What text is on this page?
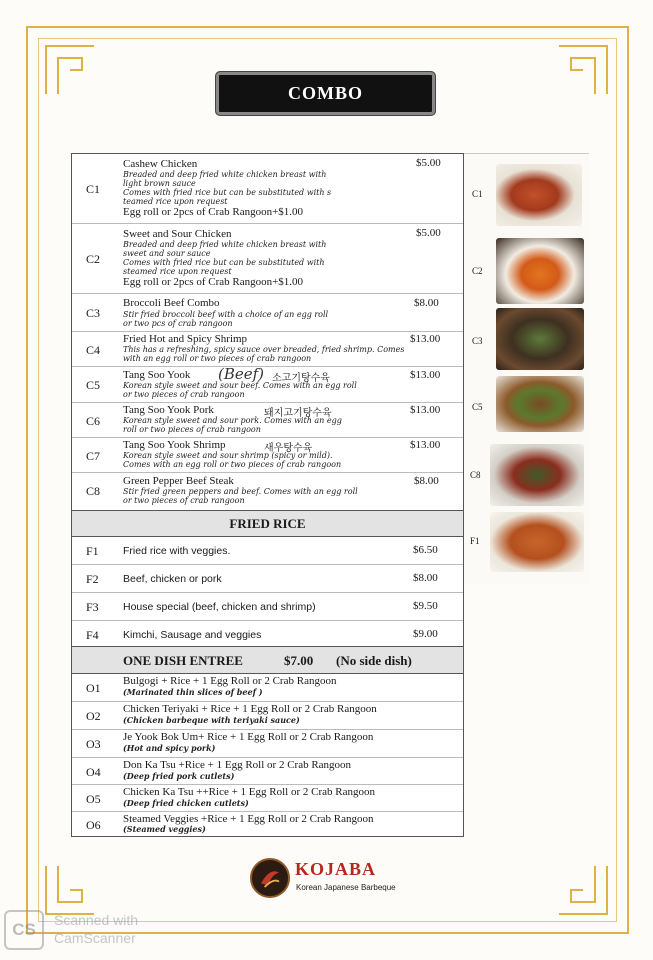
COMBO
C1
Cashew Chicken	$5.00
Breaded and deep fried white chicken breast with
light brown sauce
Comes with fried rice but can be substituted with s
teamed rice upon request
Egg roll or 2pcs of Crab Rangoon+$1.00
C2
Sweet and Sour Chicken	$5.00
Breaded and deep fried white chicken breast with
sweet and sour sauce
Comes with fried rice but can be substituted with
steamed rice upon request
Egg roll or 2pcs of Crab Rangoon+$1.00
C3
Broccoli Beef Combo	$8.00
Stir fried broccoli beef with a choice of an egg roll
or two pcs of crab rangoon
C4
Fried Hot and Spicy Shrimp	$13.00
This has a refreshing, spicy sauce over breaded, fried shrimp. Comes
with an egg roll or two pieces of crab rangoon
C5
Tang Soo Yook (Beef) 소고기탕수육	$13.00
Korean style sweet and sour beef. Comes with an egg roll
or two pieces of crab rangoon
C6
Tang Soo Yook Pork	돼지고기탕수육	$13.00
Korean style sweet and sour pork. Comes with an egg
roll or two pieces of crab rangoon
C7
Tang Soo Yook Shrimp	새우탕수육	$13.00
Korean style sweet and sour shrimp (spicy or mild).
Comes with an egg roll or two pieces of crab rangoon
C8
Green Pepper Beef Steak	$8.00
Stir fried green peppers and beef. Comes with an egg roll
or two pieces of crab rangoon
FRIED RICE
F1 Fried rice with veggies.	$6.50
F2 Beef, chicken or pork	$8.00
F3 House special (beef, chicken and shrimp)	$9.50
F4 Kimchi, Sausage and veggies	$9.00
ONE DISH ENTREE	$7.00 (No side dish)
O1 Bulgogi + Rice + 1 Egg Roll or 2 Crab Rangoon
(Marinated thin slices of beef )
O2 Chicken Teriyaki + Rice + 1 Egg Roll or 2 Crab Rangoon
(Chicken barbeque with teriyaki sauce)
O3 Je Yook Bok Um+ Rice + 1 Egg Roll or 2 Crab Rangoon
(Hot and spicy pork)
O4 Don Ka Tsu +Rice + 1 Egg Roll or 2 Crab Rangoon
(Deep fried pork cutlets)
O5 Chicken Ka Tsu ++Rice + 1 Egg Roll or 2 Crab Rangoon
(Deep fried chicken cutlets)
O6 Steamed Veggies +Rice + 1 Egg Roll or 2 Crab Rangoon
(Steamed veggies)
C1
C2
C3
C5
C8
F1
KOJABA
Korean Japanese Barbeque
CS	Scanned with
CamScanner
